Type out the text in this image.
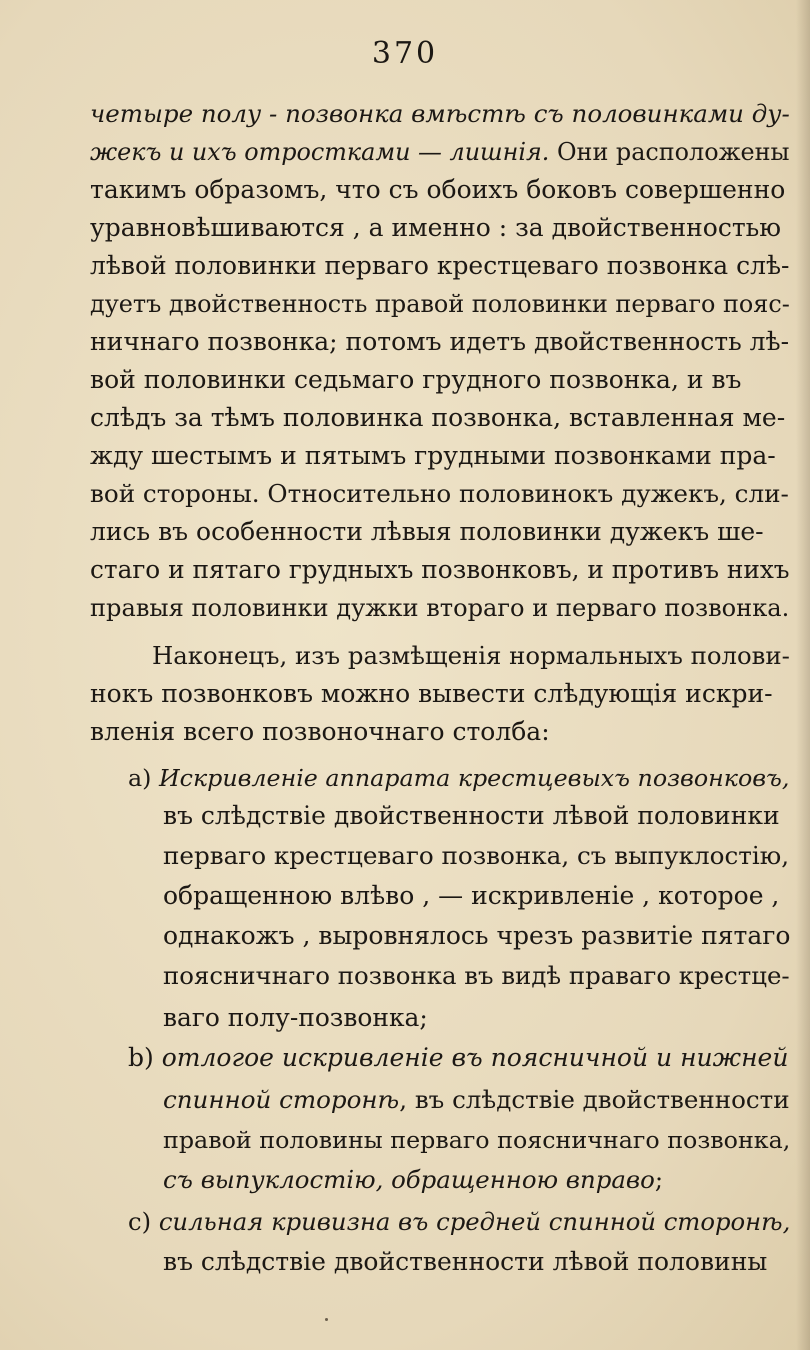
370
четыре полу - позвонка вмѣстѣ съ половинками ду-
жекъ и ихъ отростками — лишнія. Они расположены
такимъ образомъ, что съ обоихъ боковъ совершенно
уравновѣшиваются , а именно : за двойственностью
лѣвой половинки перваго крестцеваго позвонка слѣ-
дуетъ двойственность правой половинки перваго пояс-
ничнаго позвонка; потомъ идетъ двойственность лѣ-
вой половинки седьмаго грудного позвонка, и въ
слѣдъ за тѣмъ половинка позвонка, вставленная ме-
жду шестымъ и пятымъ грудными позвонками пра-
вой стороны. Относительно половинокъ дужекъ, сли-
лись въ особенности лѣвыя половинки дужекъ ше-
стаго и пятаго грудныхъ позвонковъ, и противъ нихъ
правыя половинки дужки втораго и перваго позвонка.
Наконецъ, изъ размѣщенія нормальныхъ полови-
нокъ позвонковъ можно вывести слѣдующія искри-
вленія всего позвоночнаго столба:
a) Искривленіе аппарата крестцевыхъ позвонковъ,
въ слѣдствіе двойственности лѣвой половинки
перваго крестцеваго позвонка, съ выпуклостію,
обращенною влѣво , — искривленіе , которое ,
однакожъ , выровнялось чрезъ развитіе пятаго
поясничнаго позвонка въ видѣ праваго крестце-
ваго полу-позвонка;
b) отлогое искривленіе въ поясничной и нижней
спинной сторонѣ, въ слѣдствіе двойственности
правой половины перваго поясничнаго позвонка,
съ выпуклостію, обращенною вправо;
c) сильная кривизна въ средней спинной сторонѣ,
въ слѣдствіе двойственности лѣвой половины
